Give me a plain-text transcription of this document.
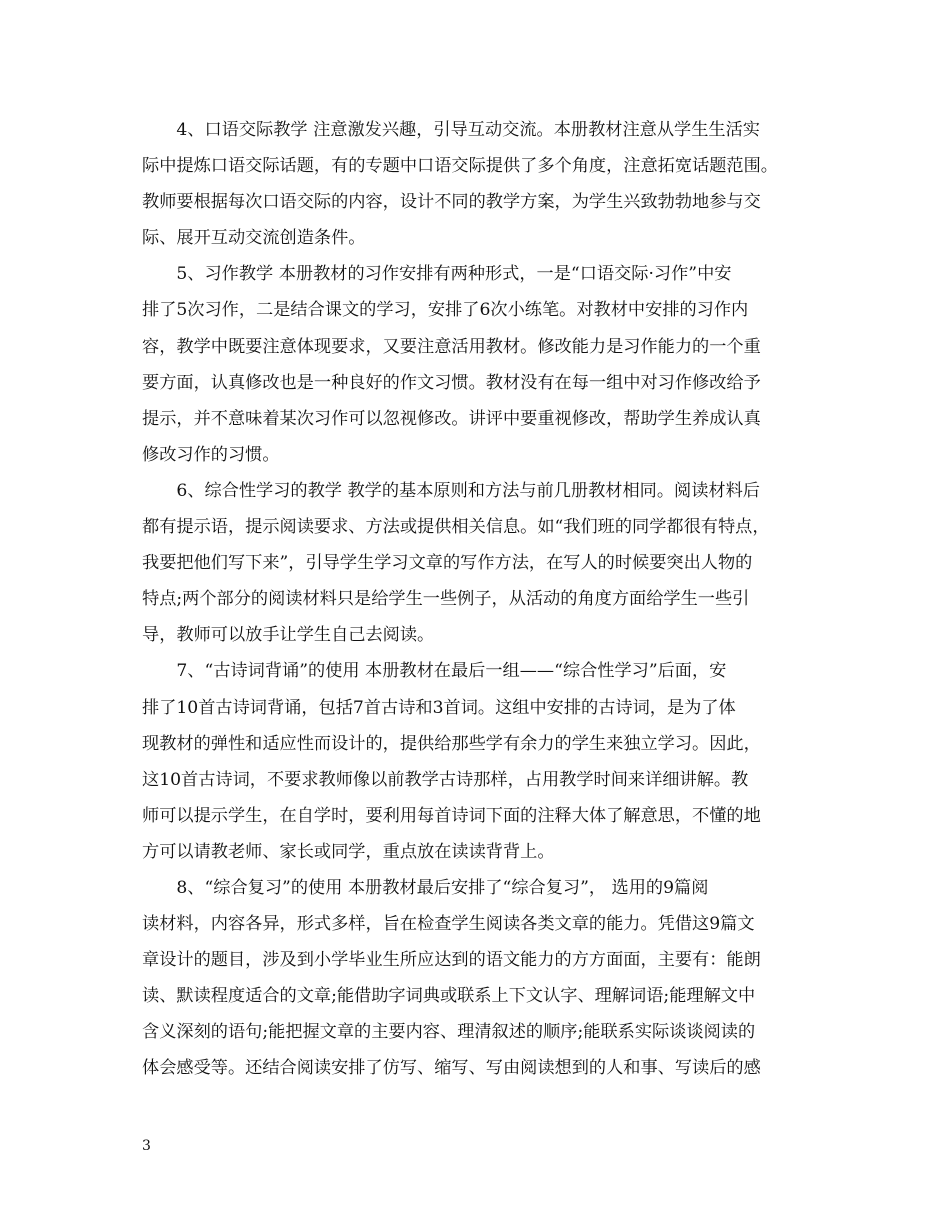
　　4、口语交际教学 注意激发兴趣，引导互动交流。本册教材注意从学生生活实
际中提炼口语交际话题，有的专题中口语交际提供了多个角度，注意拓宽话题范围。
教师要根据每次口语交际的内容，设计不同的教学方案，为学生兴致勃勃地参与交
际、展开互动交流创造条件。
　　5、习作教学 本册教材的习作安排有两种形式，一是“口语交际·习作”中安
排了5次习作，二是结合课文的学习，安排了6次小练笔。对教材中安排的习作内
容，教学中既要注意体现要求，又要注意活用教材。修改能力是习作能力的一个重
要方面，认真修改也是一种良好的作文习惯。教材没有在每一组中对习作修改给予
提示，并不意味着某次习作可以忽视修改。讲评中要重视修改，帮助学生养成认真
修改习作的习惯。
　　6、综合性学习的教学 教学的基本原则和方法与前几册教材相同。阅读材料后
都有提示语，提示阅读要求、方法或提供相关信息。如“我们班的同学都很有特点，
我要把他们写下来”，引导学生学习文章的写作方法，在写人的时候要突出人物的
特点;两个部分的阅读材料只是给学生一些例子，从活动的角度方面给学生一些引
导，教师可以放手让学生自己去阅读。
　　7、“古诗词背诵”的使用 本册教材在最后一组——“综合性学习”后面，安
排了10首古诗词背诵，包括7首古诗和3首词。这组中安排的古诗词，是为了体
现教材的弹性和适应性而设计的，提供给那些学有余力的学生来独立学习。因此，
这10首古诗词，不要求教师像以前教学古诗那样，占用教学时间来详细讲解。教
师可以提示学生，在自学时，要利用每首诗词下面的注释大体了解意思，不懂的地
方可以请教老师、家长或同学，重点放在读读背背上。
　　8、“综合复习”的使用 本册教材最后安排了“综合复习”， 选用的9篇阅
读材料，内容各异，形式多样，旨在检查学生阅读各类文章的能力。凭借这9篇文
章设计的题目，涉及到小学毕业生所应达到的语文能力的方方面面，主要有：能朗
读、默读程度适合的文章;能借助字词典或联系上下文认字、理解词语;能理解文中
含义深刻的语句;能把握文章的主要内容、理清叙述的顺序;能联系实际谈谈阅读的
体会感受等。还结合阅读安排了仿写、缩写、写由阅读想到的人和事、写读后的感
3
